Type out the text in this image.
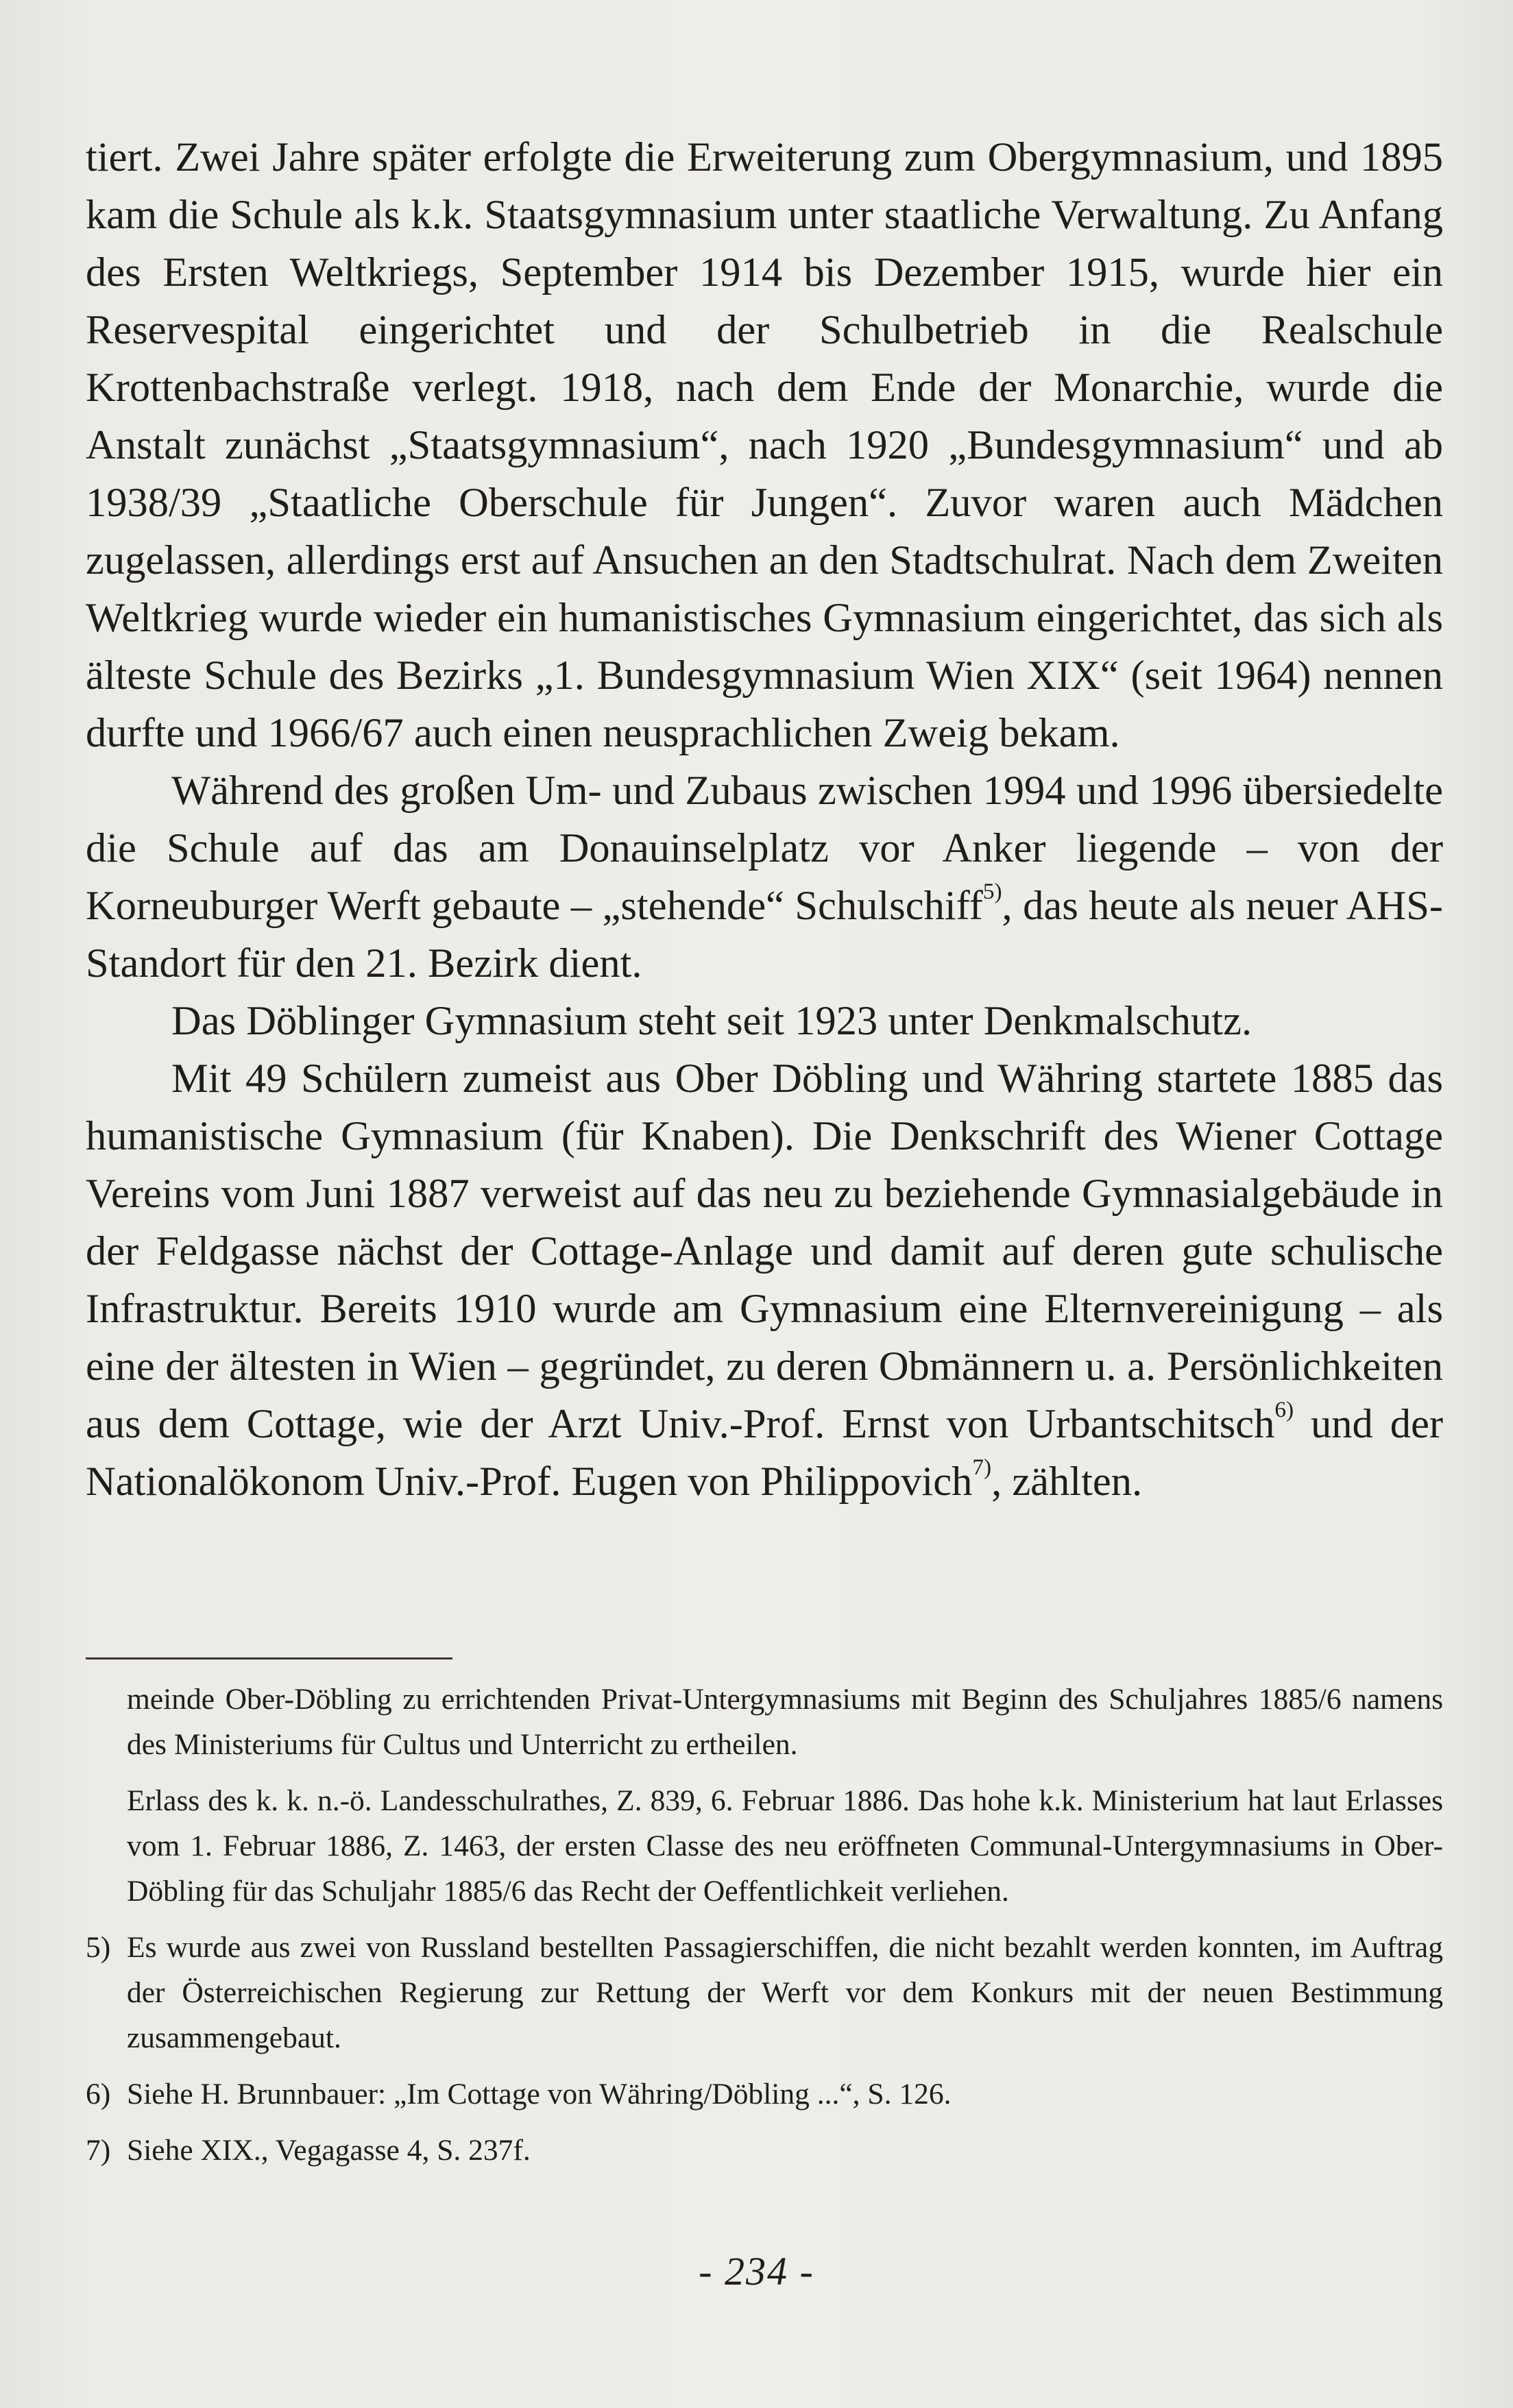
tiert. Zwei Jahre später erfolgte die Erweiterung zum Obergymnasium, und 1895 kam die Schule als k.k. Staatsgymnasium unter staatliche Verwaltung. Zu Anfang des Ersten Weltkriegs, September 1914 bis Dezember 1915, wurde hier ein Reservespital eingerichtet und der Schulbetrieb in die Realschule Krottenbachstraße verlegt. 1918, nach dem Ende der Monarchie, wurde die Anstalt zunächst „Staatsgymnasium“, nach 1920 „Bundesgymnasium“ und ab 1938/39 „Staatliche Oberschule für Jungen“. Zuvor waren auch Mädchen zugelassen, allerdings erst auf Ansuchen an den Stadtschulrat. Nach dem Zweiten Weltkrieg wurde wieder ein humanistisches Gymnasium eingerichtet, das sich als älteste Schule des Bezirks „1. Bundesgymnasium Wien XIX“ (seit 1964) nennen durfte und 1966/67 auch einen neusprachlichen Zweig bekam.

Während des großen Um- und Zubaus zwischen 1994 und 1996 übersiedelte die Schule auf das am Donauinselplatz vor Anker liegende – von der Korneuburger Werft gebaute – „stehende“ Schulschiff$^{5)}$, das heute als neuer AHS-Standort für den 21. Bezirk dient.

Das Döblinger Gymnasium steht seit 1923 unter Denkmalschutz.

Mit 49 Schülern zumeist aus Ober Döbling und Währing startete 1885 das humanistische Gymnasium (für Knaben). Die Denkschrift des Wiener Cottage Vereins vom Juni 1887 verweist auf das neu zu beziehende Gymnasialgebäude in der Feldgasse nächst der Cottage-Anlage und damit auf deren gute schulische Infrastruktur. Bereits 1910 wurde am Gymnasium eine Elternvereinigung – als eine der ältesten in Wien – gegründet, zu deren Obmännern u. a. Persönlichkeiten aus dem Cottage, wie der Arzt Univ.-Prof. Ernst von Urbantschitsch$^{6)}$ und der Nationalökonom Univ.-Prof. Eugen von Philippovich$^{7)}$, zählten.

meinde Ober-Döbling zu errichtenden Privat-Untergymnasiums mit Beginn des Schuljahres 1885/6 namens des Ministeriums für Cultus und Unterricht zu ertheilen.
Erlass des k. k. n.-ö. Landesschulrathes, Z. 839, 6. Februar 1886. Das hohe k.k. Ministerium hat laut Erlasses vom 1. Februar 1886, Z. 1463, der ersten Classe des neu eröffneten Communal-Untergymnasiums in Ober-Döbling für das Schuljahr 1885/6 das Recht der Oeffentlichkeit verliehen.
5) Es wurde aus zwei von Russland bestellten Passagierschiffen, die nicht bezahlt werden konnten, im Auftrag der Österreichischen Regierung zur Rettung der Werft vor dem Konkurs mit der neuen Bestimmung zusammengebaut.
6) Siehe H. Brunnbauer: „Im Cottage von Währing/Döbling ...“, S. 126.
7) Siehe XIX., Vegagasse 4, S. 237f.
- 234 -
